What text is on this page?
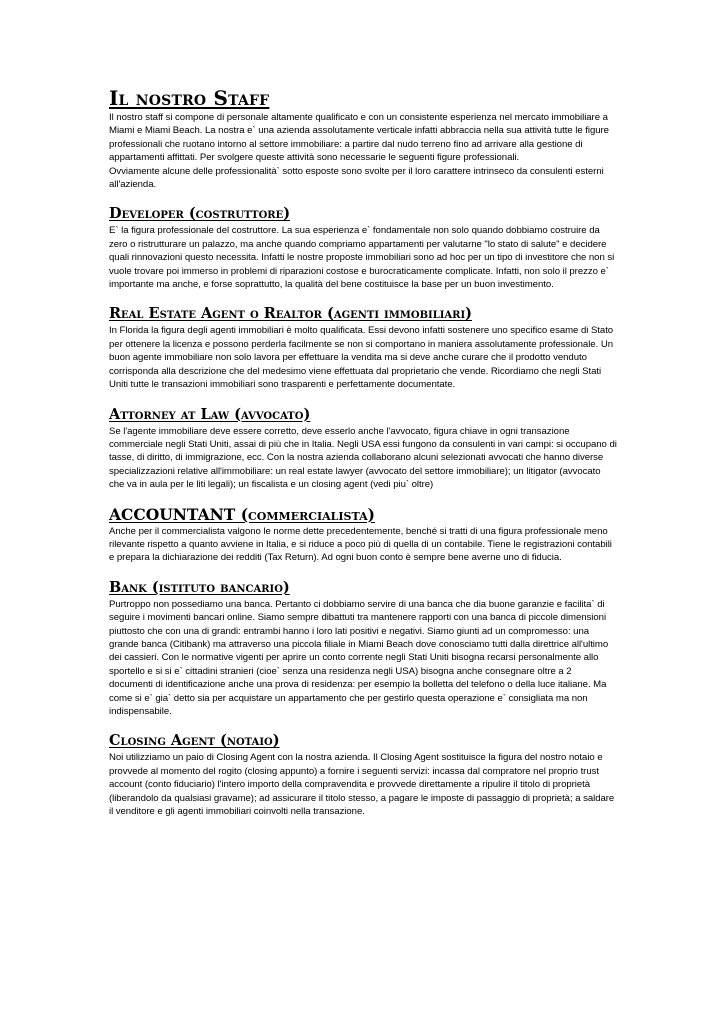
Il nostro Staff

Il nostro staff si compone di personale altamente qualificato e con un consistente esperienza nel mercato immobiliare a Miami e Miami Beach. La nostra e` una azienda assolutamente verticale infatti abbraccia nella sua attività tutte le figure professionali che ruotano intorno al settore immobiliare: a partire dal nudo terreno fino ad arrivare alla gestione di appartamenti affittati. Per svolgere queste attività sono necessarie le seguenti figure professionali.

Ovviamente alcune delle professionalità` sotto esposte sono svolte per il loro carattere intrinseco da consulenti esterni all'azienda.

Developer (costruttore)

E` la figura professionale del costruttore. La sua esperienza e` fondamentale non solo quando dobbiamo costruire da zero o ristrutturare un palazzo, ma anche quando compriamo appartamenti per valutarne "lo stato di salute" e decidere quali rinnovazioni questo necessita. Infatti le nostre proposte immobiliari sono ad hoc per un tipo di investitore che non si vuole trovare poi immerso in problemi di riparazioni costose e burocraticamente complicate. Infatti, non solo il prezzo e` importante ma anche, e forse soprattutto, la qualità del bene costituisce la base per un buon investimento.

Real Estate Agent o Realtor (agenti immobiliari)

In Florida la figura degli agenti immobiliari è molto qualificata. Essi devono infatti sostenere uno specifico esame di Stato per ottenere la licenza e possono perderla facilmente se non si comportano in maniera assolutamente professionale. Un buon agente immobiliare non solo lavora per effettuare la vendita ma si deve anche curare che il prodotto venduto corrisponda alla descrizione che del medesimo viene effettuata dal proprietario che vende. Ricordiamo che negli Stati Uniti tutte le transazioni immobiliari sono trasparenti e perfettamente documentate.

Attorney at Law (avvocato)

Se l'agente immobiliare deve essere corretto, deve esserlo anche l'avvocato, figura chiave in ogni transazione commerciale negli Stati Uniti, assai di più che in Italia. Negli USA essi fungono da consulenti in vari campi: si occupano di tasse, di diritto, di immigrazione, ecc. Con la nostra azienda collaborano alcuni selezionati avvocati che hanno diverse specializzazioni relative all'immobiliare: un real estate lawyer (avvocato del settore immobiliare); un litigator (avvocato che va in aula per le liti legali); un fiscalista e un closing agent (vedi piu` oltre)

ACCOUNTANT (commercialista)

Anche per il commercialista valgono le norme dette precedentemente, benché si tratti di una figura professionale meno rilevante rispetto a quanto avviene in Italia, e si riduce a poco più di quella di un contabile. Tiene le registrazioni contabili e prepara la dichiarazione dei redditi (Tax Return). Ad ogni buon conto è sempre bene averne uno di fiducia.

Bank (istituto bancario)

Purtroppo non possediamo una banca. Pertanto ci dobbiamo servire di una banca che dia buone garanzie e facilita` di seguire i movimenti bancari online. Siamo sempre dibattuti tra mantenere rapporti con una banca di piccole dimensioni piuttosto che con una di grandi: entrambi hanno i loro lati positivi e negativi. Siamo giunti ad un compromesso: una grande banca (Citibank) ma attraverso una piccola filiale in Miami Beach dove conosciamo tutti dalla direttrice all'ultimo dei cassieri. Con le normative vigenti per aprire un conto corrente negli Stati Uniti bisogna recarsi personalmente allo sportello e si si e` cittadini stranieri (cioe` senza una residenza negli USA) bisogna anche consegnare oltre a 2 documenti di identificazione anche una prova di residenza: per esempio la bolletta del telefono o della luce italiane. Ma come si e` gia` detto sia per acquistare un appartamento che per gestirlo questa operazione e` consigliata ma non indispensabile.

Closing Agent (notaio)

Noi utilizziamo un paio di Closing Agent con la nostra azienda. Il Closing Agent sostituisce la figura del nostro notaio e provvede al momento del rogito (closing appunto) a fornire i seguenti servizi: incassa dal compratore nel proprio trust account (conto fiduciario) l'intero importo della compravendita e provvede direttamente a ripulire il titolo di proprietà (liberandolo da qualsiasi gravame); ad assicurare il titolo stesso, a pagare le imposte di passaggio di proprietà; a saldare il venditore e gli agenti immobiliari coinvolti nella transazione.
